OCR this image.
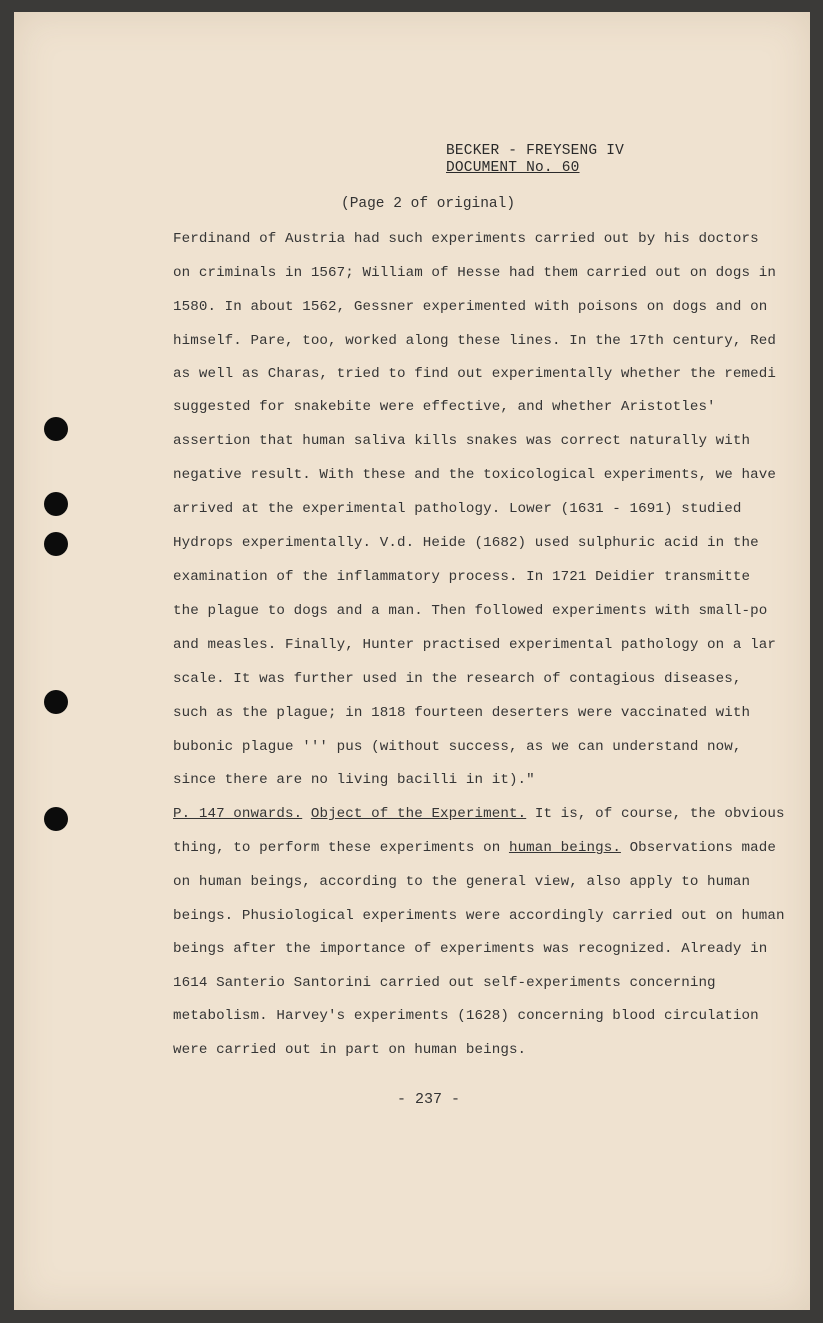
BECKER - FREYSENG IV
DOCUMENT No. 60
(Page 2 of original)
Ferdinand of Austria had such experiments carried out by his doctors
on criminals in 1567; William of Hesse had them carried out on dogs in
1580. In about 1562, Gessner experimented with poisons on dogs and on
himself. Pare, too, worked along these lines. In the 17th century, Red
as well as Charas, tried to find out experimentally whether the remedi
suggested for snakebite were effective, and whether Aristotles'
assertion that human saliva kills snakes was correct naturally with
negative result. With these and the toxicological experiments, we have
arrived at the experimental pathology. Lower (1631 - 1691) studied
Hydrops experimentally. V.d. Heide (1682) used sulphuric acid in the
examination of the inflammatory process. In 1721 Deidier transmitte
the plague to dogs and a man. Then followed experiments with small-po
and measles. Finally, Hunter practised experimental pathology on a lar
scale. It was further used in the research of contagious diseases,
such as the plague; in 1818 fourteen deserters were vaccinated with
bubonic plague ''' pus (without success, as we can understand now,
since there are no living bacilli in it)."
P. 147 onwards. Object of the Experiment. It is, of course, the obvious
thing, to perform these experiments on human beings. Observations made
on human beings, according to the general view, also apply to human
beings. Phusiological experiments were accordingly carried out on human
beings after the importance of experiments was recognized. Already in
1614 Santerio Santorini carried out self-experiments concerning
metabolism. Harvey's experiments (1628) concerning blood circulation
were carried out in part on human beings.
- 237 -
